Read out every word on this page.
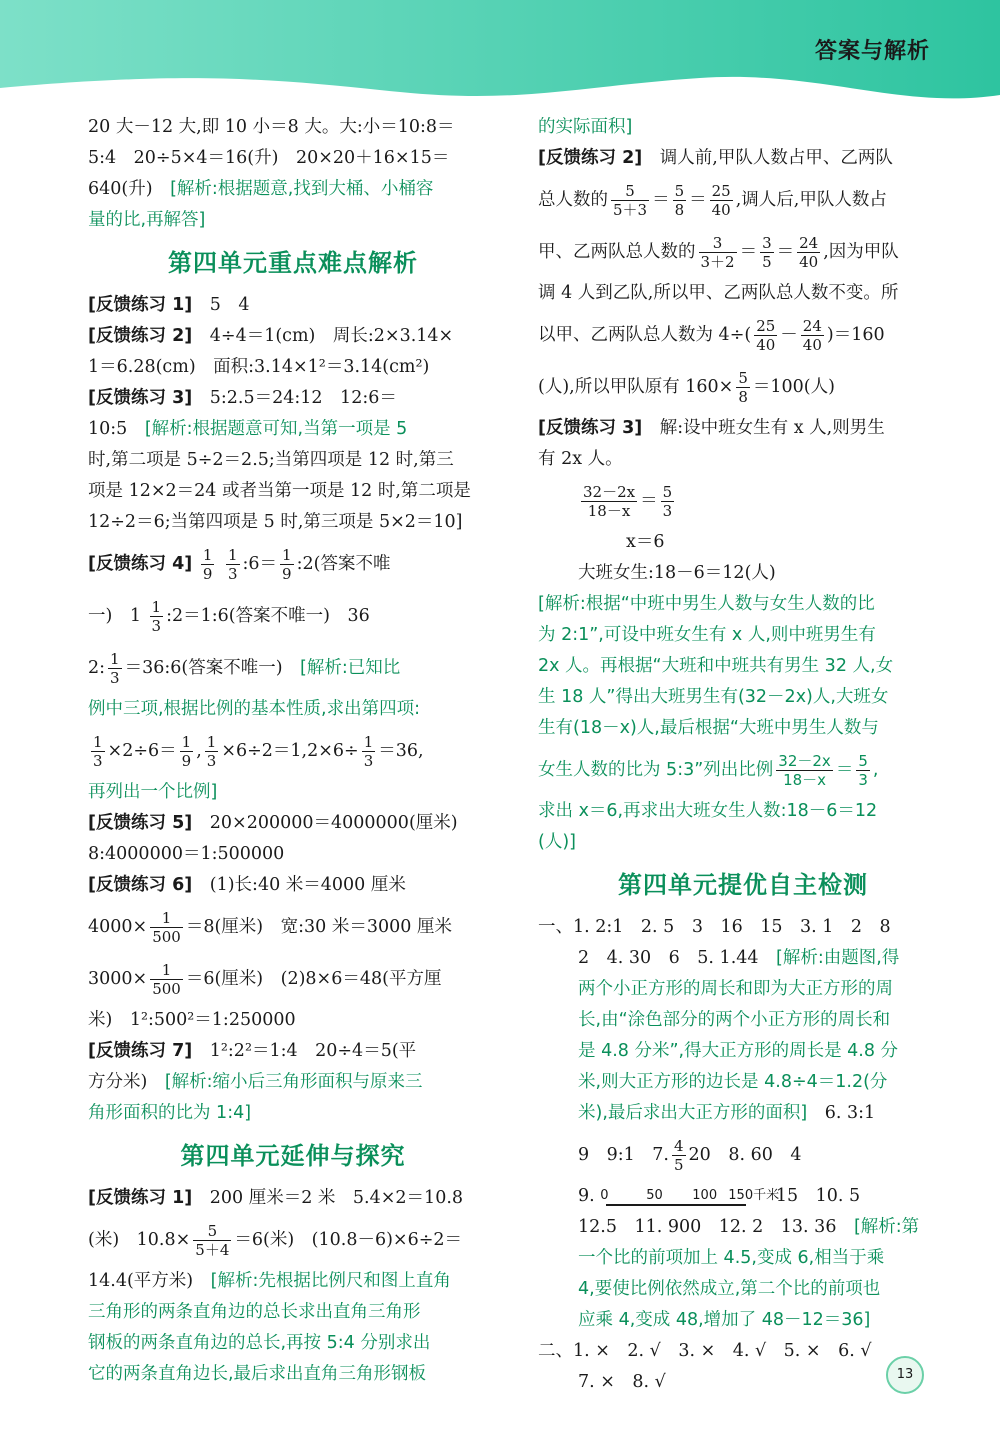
答案与解析
20 大－12 大,即 10 小＝8 大。大:小＝10:8＝
5:4　20÷5×4＝16(升)　20×20＋16×15＝
640(升)　 [解析:根据题意,找到大桶、小桶容
量的比,再解答]
第四单元重点难点解析
[反馈练习 1]　 5　4
[反馈练习 2]　 4÷4＝1(cm)　周长:2×3.14×
1＝6.28(cm)　面积:3.14×1²＝3.14(cm²)
[反馈练习 3]　 5:2.5＝24:12　12:6＝
10:5　 [解析:根据题意可知,当第一项是 5
时,第二项是 5÷2＝2.5;当第四项是 12 时,第三
项是 12×2＝24 或者当第一项是 12 时,第二项是
12÷2＝6;当第四项是 5 时,第三项是 5×2＝10]
[反馈练习 $4] \frac{1}{9}$
$\frac{1}{3}$ :6＝ $\frac{1}{9}$ :2(答案不唯
一)　$1 \frac{1}{3}$ :2＝1:6(答案不唯一)　36
2: $\frac{1}{3}$ ＝36:6(答案不唯一)　 [解析:已知比
例中三项,根据比例的基本性质,求出第四项:
$\frac{1}{3} \times 2\div 6= \frac{1}{9}$ , $\frac{1}{3} \times 6\div 2=1,2\times 6\div \frac{1}{3} =36$,
再列出一个比例]
[反馈练习 5]　 20×200000＝4000000(厘米)
8:4000000＝1:500000
[反馈练习 6]　 (1)长:40 米＝4000 厘米
$4000\times \frac{1}{500} =8$(厘米)　宽:30 米＝3000 厘米
$3000\times \frac{1}{500} =6$(厘米)　(2)8×6＝48(平方厘
米)　1²:500²＝1:250000
[反馈练习 7]　 1²:2²＝1:4　20÷4＝5(平
方分米)　 [解析:缩小后三角形面积与原来三
角形面积的比为 1:4]
第四单元延伸与探究
[反馈练习 1]　 200 厘米＝2 米　5.4×2＝10.8
(米)　$10.8\times \frac{5}{5+4} =6$(米)　(10.8－6)×6÷2＝
14.4(平方米)　 [解析:先根据比例尺和图上直角
三角形的两条直角边的总长求出直角三角形
钢板的两条直角边的总长,再按 5:4 分别求出
它的两条直角边长,最后求出直角三角形钢板
的实际面积]
[反馈练习 2]　 调人前,甲队人数占甲、乙两队
总人数的 $\frac{5}{5+3} = \frac{5}{8} = \frac{25}{40}$ ,调人后,甲队人数占
甲、乙两队总人数的 $\frac{3}{3+2} = \frac{3}{5} = \frac{24}{40}$ ,因为甲队
调 4 人到乙队,所以甲、乙两队总人数不变。所
以甲、乙两队总人数为 $4\div( \frac{25}{40} - \frac{24}{40} )=160$
(人),所以甲队原有 $160\times \frac{5}{8} =100$(人)
[反馈练习 3]　 解:设中班女生有 x 人,则男生
有 2x 人。
$\frac{32-2x}{18-x} = \frac{5}{3}$
x＝6
大班女生:18－6＝12(人)
[解析:根据“中班中男生人数与女生人数的比
为 2:1”,可设中班女生有 x 人,则中班男生有
2x 人。再根据“大班和中班共有男生 32 人,女
生 18 人”得出大班男生有(32－2x)人,大班女
生有(18－x)人,最后根据“大班中男生人数与
女生人数的比为 5:3”列出比例 $\frac{32-2x}{18-x} = \frac{5}{3}$ ,
求出 x＝6,再求出大班女生人数:18－6＝12
(人)]
第四单元提优自主检测
一、1. 2:1　2. 5　3　16　15　3. 1　2　8
2　4. 30　6　5. 1.44　 [解析:由题图,得
两个小正方形的周长和即为大正方形的周
长,由“涂色部分的两个小正方形的周长和
是 4.8 分米”,得大正方形的周长是 4.8 分
米,则大正方形的边长是 4.8÷4＝1.2(分
米),最后求出大正方形的面积]　 6. 3:1
9　9:1　7. $\frac{4}{5} 20$　8. 60　4
9. 0	50 100 150千米
15　10. 5
12.5　11. 900　12. 2　13. 36　 [解析:第
一个比的前项加上 4.5,变成 6,相当于乘
4,要使比例依然成立,第二个比的前项也
应乘 4,变成 48,增加了 48－12＝36]
二、1. ×　2. √　3. ×　4. √　5. ×　6. √
7. ×　8. √	13
